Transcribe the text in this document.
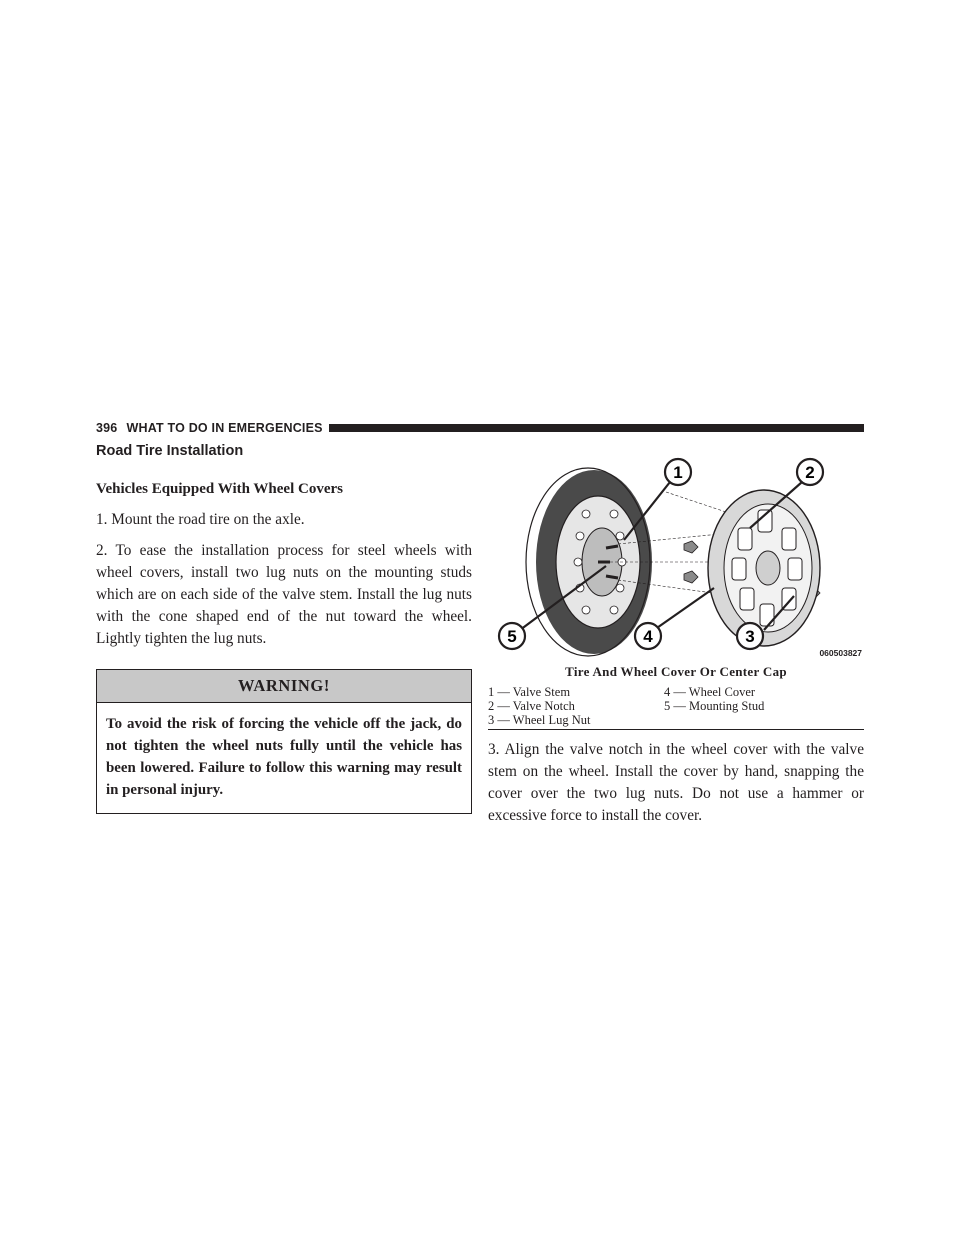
396 WHAT TO DO IN EMERGENCIES
Road Tire Installation
Vehicles Equipped With Wheel Covers

1. Mount the road tire on the axle.

2. To ease the installation process for steel wheels with wheel covers, install two lug nuts on the mounting studs which are on each side of the valve stem. Install the lug nuts with the cone shaped end of the nut toward the wheel. Lightly tighten the lug nuts.

WARNING!
To avoid the risk of forcing the vehicle off the jack, do not tighten the wheel nuts fully until the vehicle has been lowered. Failure to follow this warning may result in personal injury.
1	2
3
4
5
060503827
Tire And Wheel Cover Or Center Cap
1 — Valve Stem	4 — Wheel Cover
2 — Valve Notch	5 — Mounting Stud
3 — Wheel Lug Nut

3. Align the valve notch in the wheel cover with the valve stem on the wheel. Install the cover by hand, snapping the cover over the two lug nuts. Do not use a hammer or excessive force to install the cover.
